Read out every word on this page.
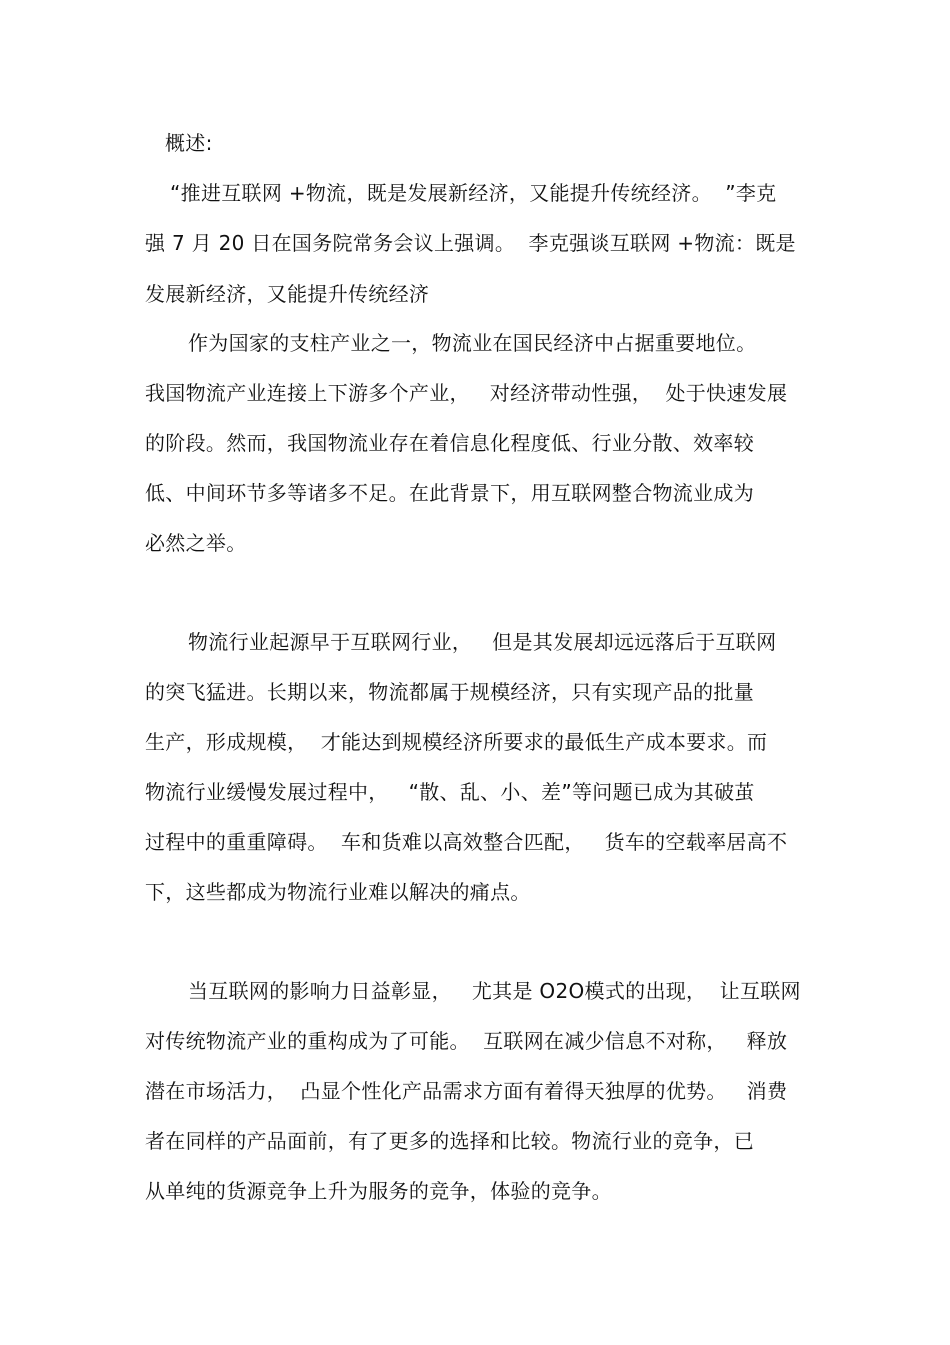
概述:
“推进互联网 +物流，既是发展新经济，又能提升传统经济。  ”李克
强 7 月 20 日在国务院常务会议上强调。  李克强谈互联网 +物流：既是
发展新经济，又能提升传统经济
作为国家的支柱产业之一，物流业在国民经济中占据重要地位。
我国物流产业连接上下游多个产业，   对经济带动性强，  处于快速发展
的阶段。然而，我国物流业存在着信息化程度低、行业分散、效率较
低、中间环节多等诸多不足。在此背景下，用互联网整合物流业成为
必然之举。
物流行业起源早于互联网行业，   但是其发展却远远落后于互联网
的突飞猛进。长期以来，物流都属于规模经济，只有实现产品的批量
生产，形成规模，  才能达到规模经济所要求的最低生产成本要求。而
物流行业缓慢发展过程中，   “散、乱、小、差”等问题已成为其破茧
过程中的重重障碍。  车和货难以高效整合匹配，   货车的空载率居高不
下，这些都成为物流行业难以解决的痛点。
当互联网的影响力日益彰显，   尤其是 O2O模式的出现，  让互联网
对传统物流产业的重构成为了可能。  互联网在减少信息不对称，   释放
潜在市场活力，  凸显个性化产品需求方面有着得天独厚的优势。   消费
者在同样的产品面前，有了更多的选择和比较。物流行业的竞争，已
从单纯的货源竞争上升为服务的竞争，体验的竞争。
